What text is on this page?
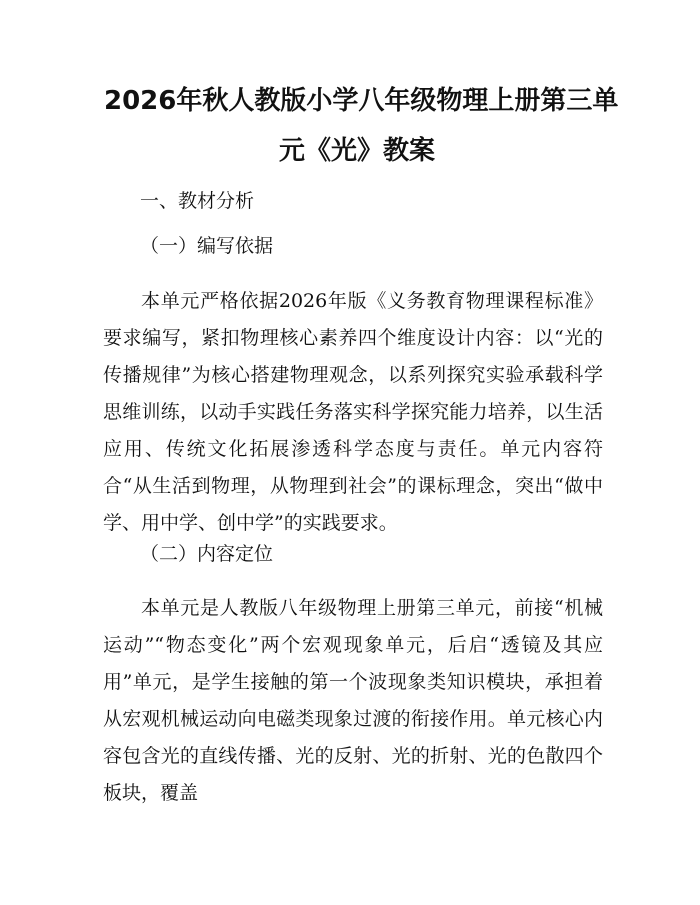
2026年秋人教版小学八年级物理上册第三单
元《光》教案
一、教材分析
（一）编写依据

本单元严格依据2026年版《义务教育物理课程标准》要求编写，紧扣物理核心素养四个维度设计内容：以“光的传播规律”为核心搭建物理观念，以系列探究实验承载科学思维训练，以动手实践任务落实科学探究能力培养，以生活应用、传统文化拓展渗透科学态度与责任。单元内容符合“从生活到物理，从物理到社会”的课标理念，突出“做中学、用中学、创中学”的实践要求。

（二）内容定位

本单元是人教版八年级物理上册第三单元，前接“机械运动”“物态变化”两个宏观现象单元，后启“透镜及其应用”单元，是学生接触的第一个波现象类知识模块，承担着从宏观机械运动向电磁类现象过渡的衔接作用。单元核心内容包含光的直线传播、光的反射、光的折射、光的色散四个板块，覆盖
